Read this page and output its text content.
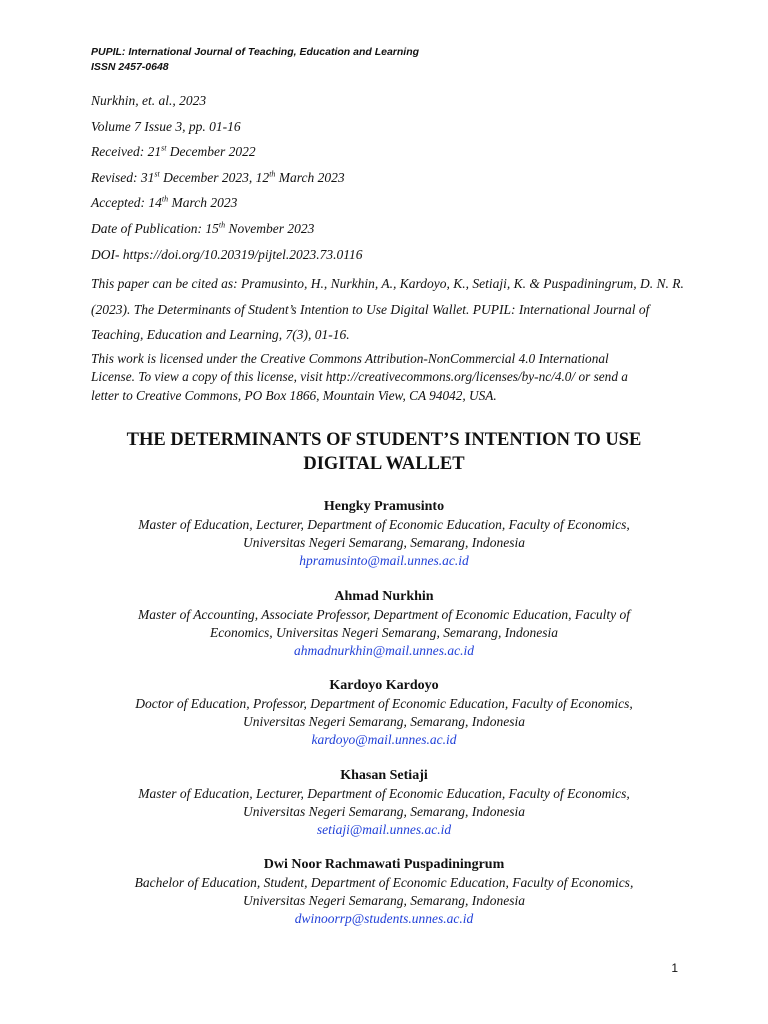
PUPIL: International Journal of Teaching, Education and Learning
ISSN 2457-0648
Nurkhin, et. al., 2023
Volume 7 Issue 3, pp. 01-16
Received: 21st December 2022
Revised: 31st December 2023, 12th March 2023
Accepted: 14th March 2023
Date of Publication: 15th November 2023
DOI- https://doi.org/10.20319/pijtel.2023.73.0116
This paper can be cited as: Pramusinto, H., Nurkhin, A., Kardoyo, K., Setiaji, K. & Puspadiningrum, D. N. R.
(2023). The Determinants of Student’s Intention to Use Digital Wallet. PUPIL: International Journal of
Teaching, Education and Learning, 7(3), 01-16.
This work is licensed under the Creative Commons Attribution-NonCommercial 4.0 International
License. To view a copy of this license, visit http://creativecommons.org/licenses/by-nc/4.0/ or send a
letter to Creative Commons, PO Box 1866, Mountain View, CA 94042, USA.
THE DETERMINANTS OF STUDENT’S INTENTION TO USE
DIGITAL WALLET
Hengky Pramusinto
Master of Education, Lecturer, Department of Economic Education, Faculty of Economics,
Universitas Negeri Semarang, Semarang, Indonesia
hpramusinto@mail.unnes.ac.id
Ahmad Nurkhin
Master of Accounting, Associate Professor, Department of Economic Education, Faculty of
Economics, Universitas Negeri Semarang, Semarang, Indonesia
ahmadnurkhin@mail.unnes.ac.id
Kardoyo Kardoyo
Doctor of Education, Professor, Department of Economic Education, Faculty of Economics,
Universitas Negeri Semarang, Semarang, Indonesia
kardoyo@mail.unnes.ac.id
Khasan Setiaji
Master of Education, Lecturer, Department of Economic Education, Faculty of Economics,
Universitas Negeri Semarang, Semarang, Indonesia
setiaji@mail.unnes.ac.id
Dwi Noor Rachmawati Puspadiningrum
Bachelor of Education, Student, Department of Economic Education, Faculty of Economics,
Universitas Negeri Semarang, Semarang, Indonesia
dwinoorrp@students.unnes.ac.id
1
